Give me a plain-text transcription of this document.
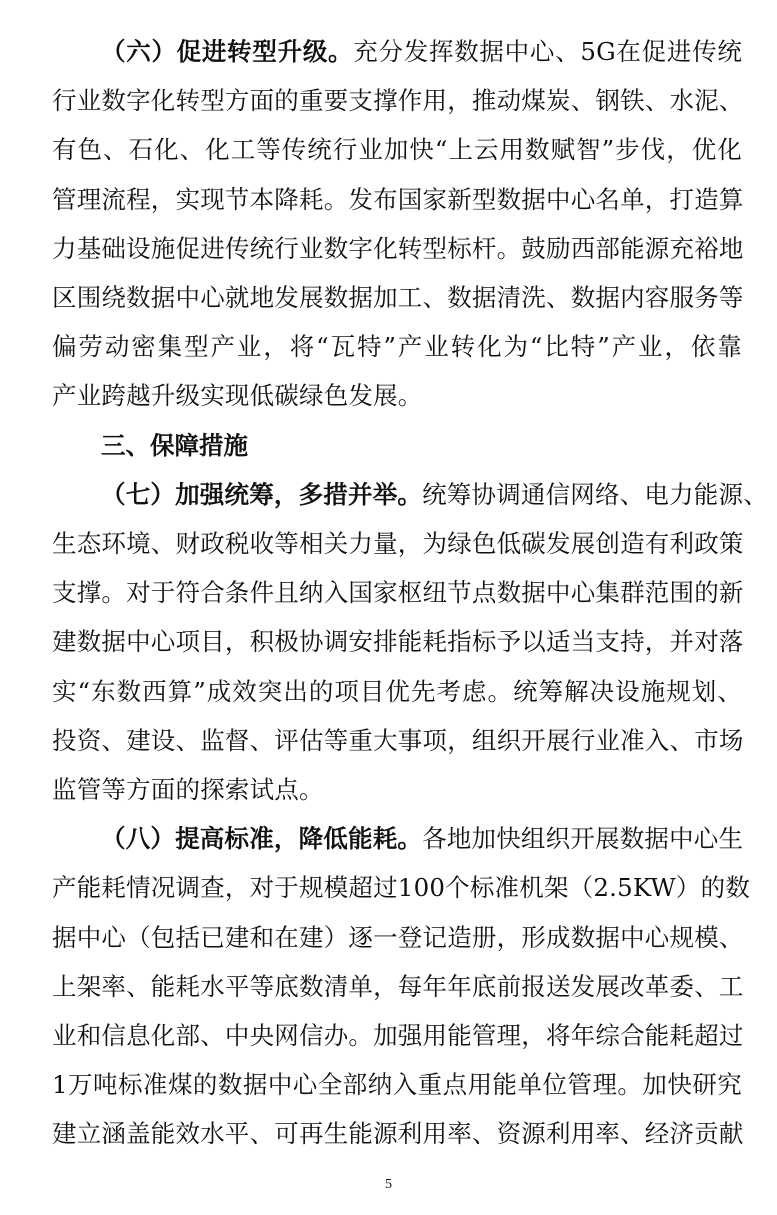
（六）促进转型升级。充分发挥数据中心、5G在促进传统
行业数字化转型方面的重要支撑作用，推动煤炭、钢铁、水泥、
有色、石化、化工等传统行业加快“上云用数赋智”步伐，优化
管理流程，实现节本降耗。发布国家新型数据中心名单，打造算
力基础设施促进传统行业数字化转型标杆。鼓励西部能源充裕地
区围绕数据中心就地发展数据加工、数据清洗、数据内容服务等
偏劳动密集型产业，将“瓦特”产业转化为“比特”产业，依靠
产业跨越升级实现低碳绿色发展。
三、保障措施
（七）加强统筹，多措并举。统筹协调通信网络、电力能源、
生态环境、财政税收等相关力量，为绿色低碳发展创造有利政策
支撑。对于符合条件且纳入国家枢纽节点数据中心集群范围的新
建数据中心项目，积极协调安排能耗指标予以适当支持，并对落
实“东数西算”成效突出的项目优先考虑。统筹解决设施规划、
投资、建设、监督、评估等重大事项，组织开展行业准入、市场
监管等方面的探索试点。
（八）提高标准，降低能耗。各地加快组织开展数据中心生
产能耗情况调查，对于规模超过100个标准机架（2.5KW）的数
据中心（包括已建和在建）逐一登记造册，形成数据中心规模、
上架率、能耗水平等底数清单，每年年底前报送发展改革委、工
业和信息化部、中央网信办。加强用能管理，将年综合能耗超过
1万吨标准煤的数据中心全部纳入重点用能单位管理。加快研究
建立涵盖能效水平、可再生能源利用率、资源利用率、经济贡献
5
